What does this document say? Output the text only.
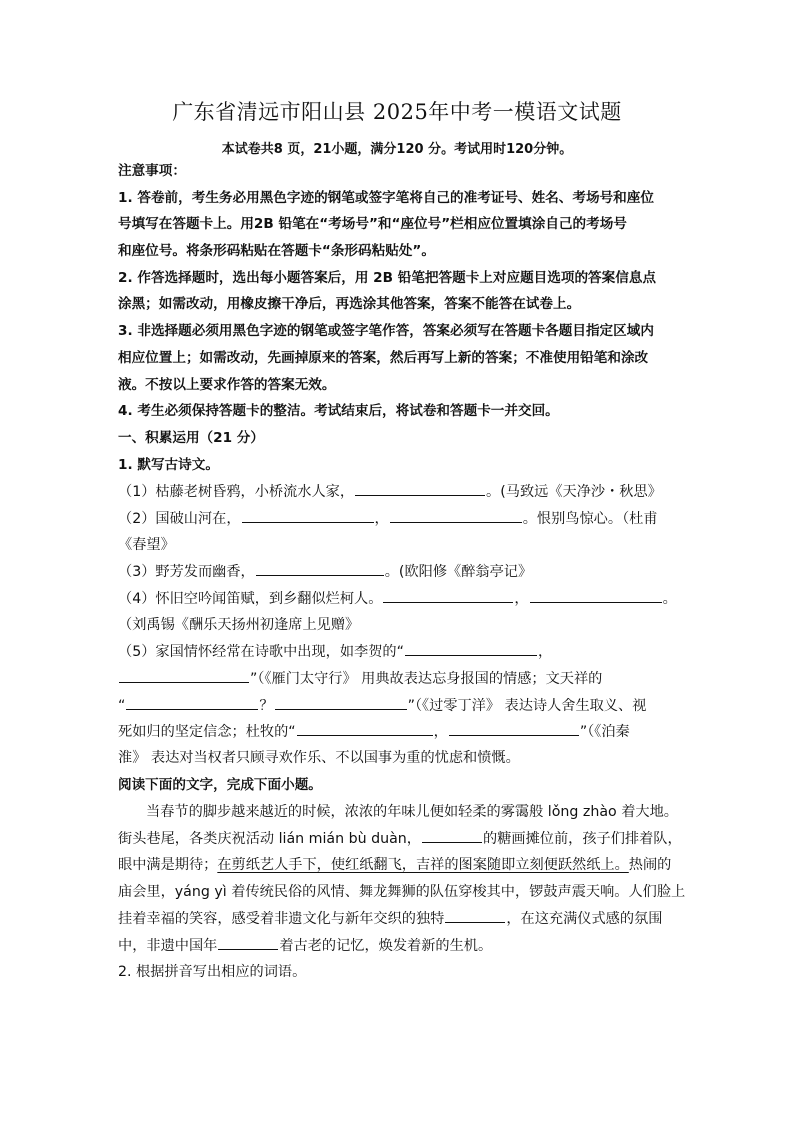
广东省清远市阳山县 2025年中考一模语文试题
本试卷共8 页，21小题，满分120 分。考试用时120分钟。
注意事项：
1. 答卷前，考生务必用黑色字迹的钢笔或签字笔将自己的准考证号、姓名、考场号和座位
号填写在答题卡上。用2B 铅笔在“考场号”和“座位号”栏相应位置填涂自己的考场号
和座位号。将条形码粘贴在答题卡“条形码粘贴处”。
2. 作答选择题时，选出每小题答案后，用 2B 铅笔把答题卡上对应题目选项的答案信息点
涂黑；如需改动，用橡皮擦干净后，再选涂其他答案，答案不能答在试卷上。
3. 非选择题必须用黑色字迹的钢笔或签字笔作答，答案必须写在答题卡各题目指定区域内
相应位置上；如需改动，先画掉原来的答案，然后再写上新的答案；不准使用铅笔和涂改
液。不按以上要求作答的答案无效。
4. 考生必须保持答题卡的整洁。考试结束后，将试卷和答题卡一并交回。
一、积累运用（21 分）
1. 默写古诗文。
（1）枯藤老树昏鸦，小桥流水人家，	。(马致远《天净沙・秋思》
（2）国破山河在，	，	。恨别鸟惊心。（杜甫
《春望》
（3）野芳发而幽香，	。(欧阳修《醉翁亭记》
（4）怀旧空吟闻笛赋，到乡翻似烂柯人。	，	。
（刘禹锡《酬乐天扬州初逢席上见赠》
（5）家国情怀经常在诗歌中出现，如李贺的“	，
”（《雁门太守行》 用典故表达忘身报国的情感；文天祥的
“	？	”（《过零丁洋》 表达诗人舍生取义、视
死如归的坚定信念；杜牧的“	，	”（《泊秦
淮》 表达对当权者只顾寻欢作乐、不以国事为重的忧虑和愤慨。
阅读下面的文字，完成下面小题。
当春节的脚步越来越近的时候，浓浓的年味儿便如轻柔的雾霭般 lǒng zhào 着大地。
街头巷尾，各类庆祝活动 lián mián bù duàn，	的糖画摊位前，孩子们排着队，
眼中满是期待；在剪纸艺人手下，使红纸翻飞，吉祥的图案随即立刻便跃然纸上。热闹的
庙会里，yáng yì 着传统民俗的风情、舞龙舞狮的队伍穿梭其中，锣鼓声震天响。人们脸上
挂着幸福的笑容，感受着非遗文化与新年交织的独特	，在这充满仪式感的氛围
中，非遗中国年	着古老的记忆，焕发着新的生机。
2. 根据拼音写出相应的词语。
